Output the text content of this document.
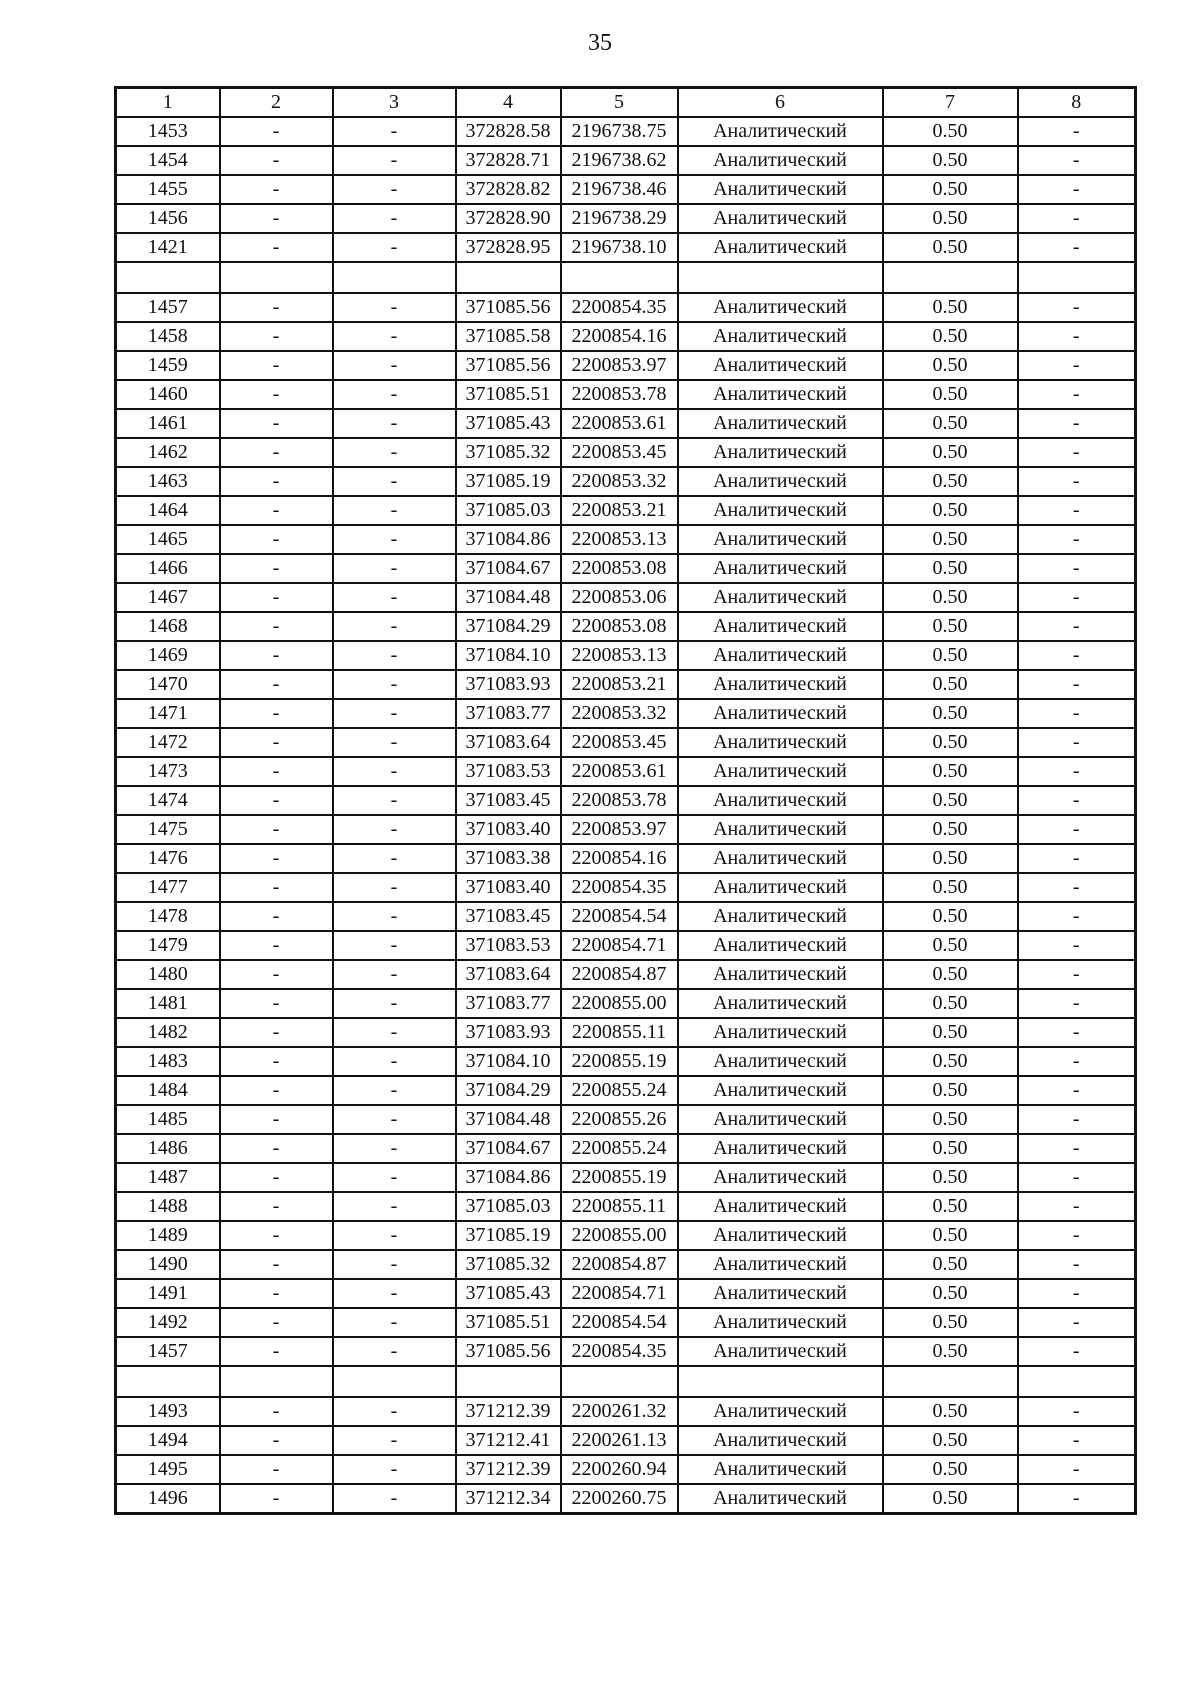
35
1	2	3	4	5	6	7	8
1453	-	-	372828.58	2196738.75	Аналитический	0.50	-
1454	-	-	372828.71	2196738.62	Аналитический	0.50	-
1455	-	-	372828.82	2196738.46	Аналитический	0.50	-
1456	-	-	372828.90	2196738.29	Аналитический	0.50	-
1421	-	-	372828.95	2196738.10	Аналитический	0.50	-

1457	-	-	371085.56	2200854.35	Аналитический	0.50	-
1458	-	-	371085.58	2200854.16	Аналитический	0.50	-
1459	-	-	371085.56	2200853.97	Аналитический	0.50	-
1460	-	-	371085.51	2200853.78	Аналитический	0.50	-
1461	-	-	371085.43	2200853.61	Аналитический	0.50	-
1462	-	-	371085.32	2200853.45	Аналитический	0.50	-
1463	-	-	371085.19	2200853.32	Аналитический	0.50	-
1464	-	-	371085.03	2200853.21	Аналитический	0.50	-
1465	-	-	371084.86	2200853.13	Аналитический	0.50	-
1466	-	-	371084.67	2200853.08	Аналитический	0.50	-
1467	-	-	371084.48	2200853.06	Аналитический	0.50	-
1468	-	-	371084.29	2200853.08	Аналитический	0.50	-
1469	-	-	371084.10	2200853.13	Аналитический	0.50	-
1470	-	-	371083.93	2200853.21	Аналитический	0.50	-
1471	-	-	371083.77	2200853.32	Аналитический	0.50	-
1472	-	-	371083.64	2200853.45	Аналитический	0.50	-
1473	-	-	371083.53	2200853.61	Аналитический	0.50	-
1474	-	-	371083.45	2200853.78	Аналитический	0.50	-
1475	-	-	371083.40	2200853.97	Аналитический	0.50	-
1476	-	-	371083.38	2200854.16	Аналитический	0.50	-
1477	-	-	371083.40	2200854.35	Аналитический	0.50	-
1478	-	-	371083.45	2200854.54	Аналитический	0.50	-
1479	-	-	371083.53	2200854.71	Аналитический	0.50	-
1480	-	-	371083.64	2200854.87	Аналитический	0.50	-
1481	-	-	371083.77	2200855.00	Аналитический	0.50	-
1482	-	-	371083.93	2200855.11	Аналитический	0.50	-
1483	-	-	371084.10	2200855.19	Аналитический	0.50	-
1484	-	-	371084.29	2200855.24	Аналитический	0.50	-
1485	-	-	371084.48	2200855.26	Аналитический	0.50	-
1486	-	-	371084.67	2200855.24	Аналитический	0.50	-
1487	-	-	371084.86	2200855.19	Аналитический	0.50	-
1488	-	-	371085.03	2200855.11	Аналитический	0.50	-
1489	-	-	371085.19	2200855.00	Аналитический	0.50	-
1490	-	-	371085.32	2200854.87	Аналитический	0.50	-
1491	-	-	371085.43	2200854.71	Аналитический	0.50	-
1492	-	-	371085.51	2200854.54	Аналитический	0.50	-
1457	-	-	371085.56	2200854.35	Аналитический	0.50	-

1493	-	-	371212.39	2200261.32	Аналитический	0.50	-
1494	-	-	371212.41	2200261.13	Аналитический	0.50	-
1495	-	-	371212.39	2200260.94	Аналитический	0.50	-
1496	-	-	371212.34	2200260.75	Аналитический	0.50	-
